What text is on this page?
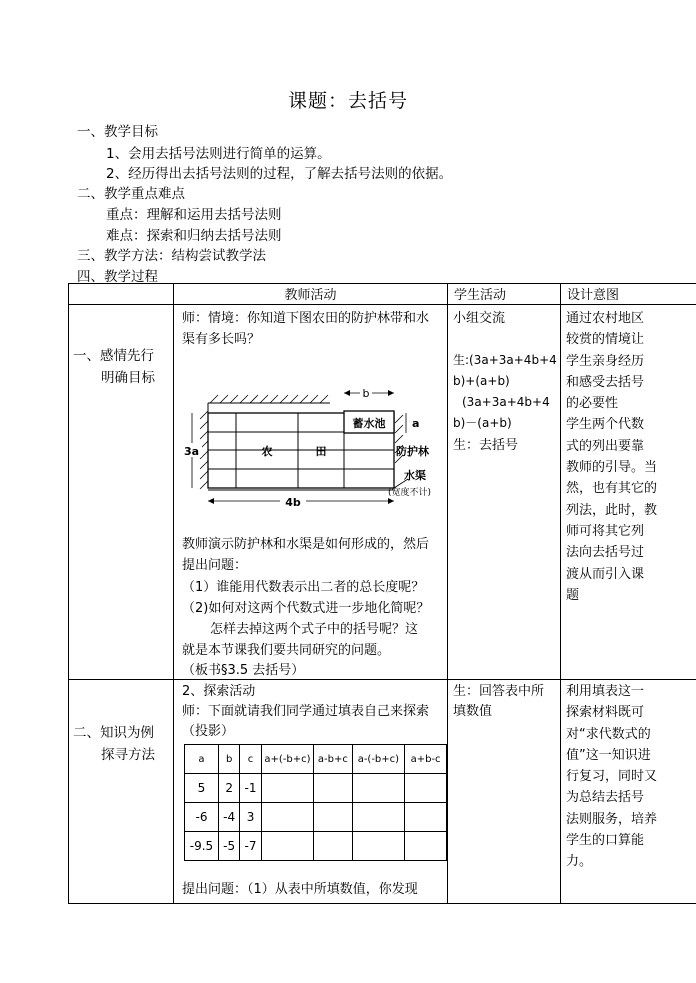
课题：去括号
一、教学目标
1、会用去括号法则进行简单的运算。
2、经历得出去括号法则的过程，了解去括号法则的依据。
二、教学重点难点
重点：理解和运用去括号法则
难点：探索和归纳去括号法则
三、教学方法：结构尝试教学法
四、教学过程
	教师活动	学生活动	设计意图

一、感情先行
明确目标

师：情境：你知道下图农田的防护林带和水
渠有多长吗？
b
蓄水池 a
3a	农	田	防护林
水渠
(宽度不计)
4b
教师演示防护林和水渠是如何形成的，然后
提出问题：
（1）谁能用代数表示出二者的总长度呢？
（2)如何对这两个代数式进一步地化简呢？
怎样去掉这两个式子中的括号呢？这
就是本节课我们要共同研究的问题。
（板书§3.5 去括号）

小组交流
生:(3a+3a+4b+4
b)+(a+b)
(3a+3a+4b+4
b)－(a+b)
生：去括号

通过农村地区
较赏的情境让
学生亲身经历
和感受去括号
的必要性
学生两个代数
式的列出要靠
教师的引导。当
然，也有其它的
列法，此时，教
师可将其它列
法向去括号过
渡从而引入课
题

二、知识为例
探寻方法

2、探索活动
师：下面就请我们同学通过填表自己来探索
（投影）
a	b	c	a+(-b+c)	a-b+c	a-(-b+c)	a+b-c
5	2	-1				
-6	-4	3				
-9.5	-5	-7				
提出问题：（1）从表中所填数值，你发现

生：回答表中所
填数值

利用填表这一
探索材料既可
对“求代数式的
值”这一知识进
行复习，同时又
为总结去括号
法则服务，培养
学生的口算能
力。
